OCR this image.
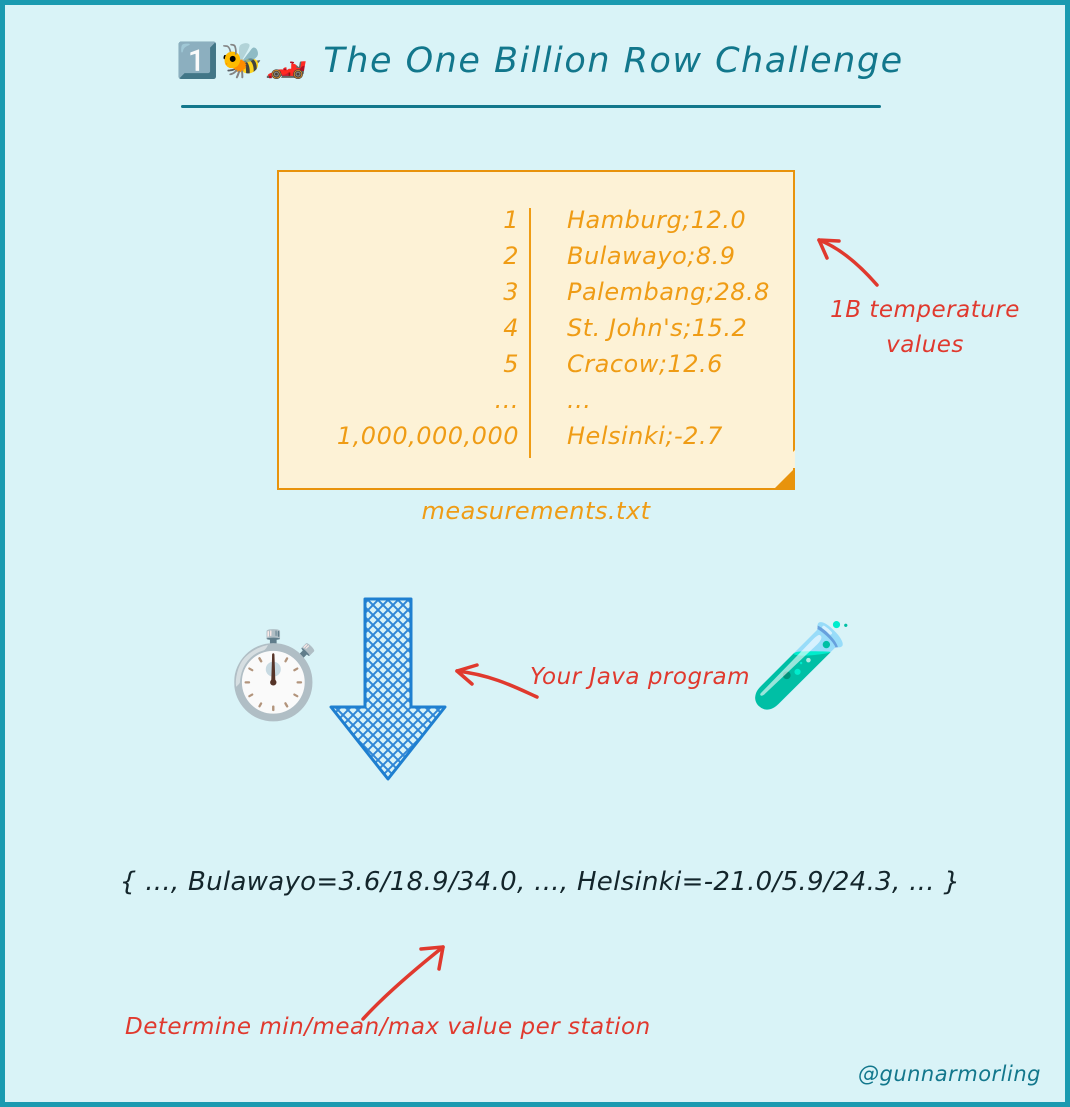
1️⃣🐝🏎️ The One Billion Row Challenge
1	Hamburg;12.0
2	Bulawayo;8.9
3	Palembang;28.8
4	St. John's;15.2
5	Cracow;12.6
...	...
1,000,000,000	Helsinki;-2.7
measurements.txt
1B temperature values
⏱️	🧪
Your Java program
{ ..., Bulawayo=3.6/18.9/34.0, ..., Helsinki=-21.0/5.9/24.3, ... }
Determine min/mean/max value per station
@gunnarmorling
